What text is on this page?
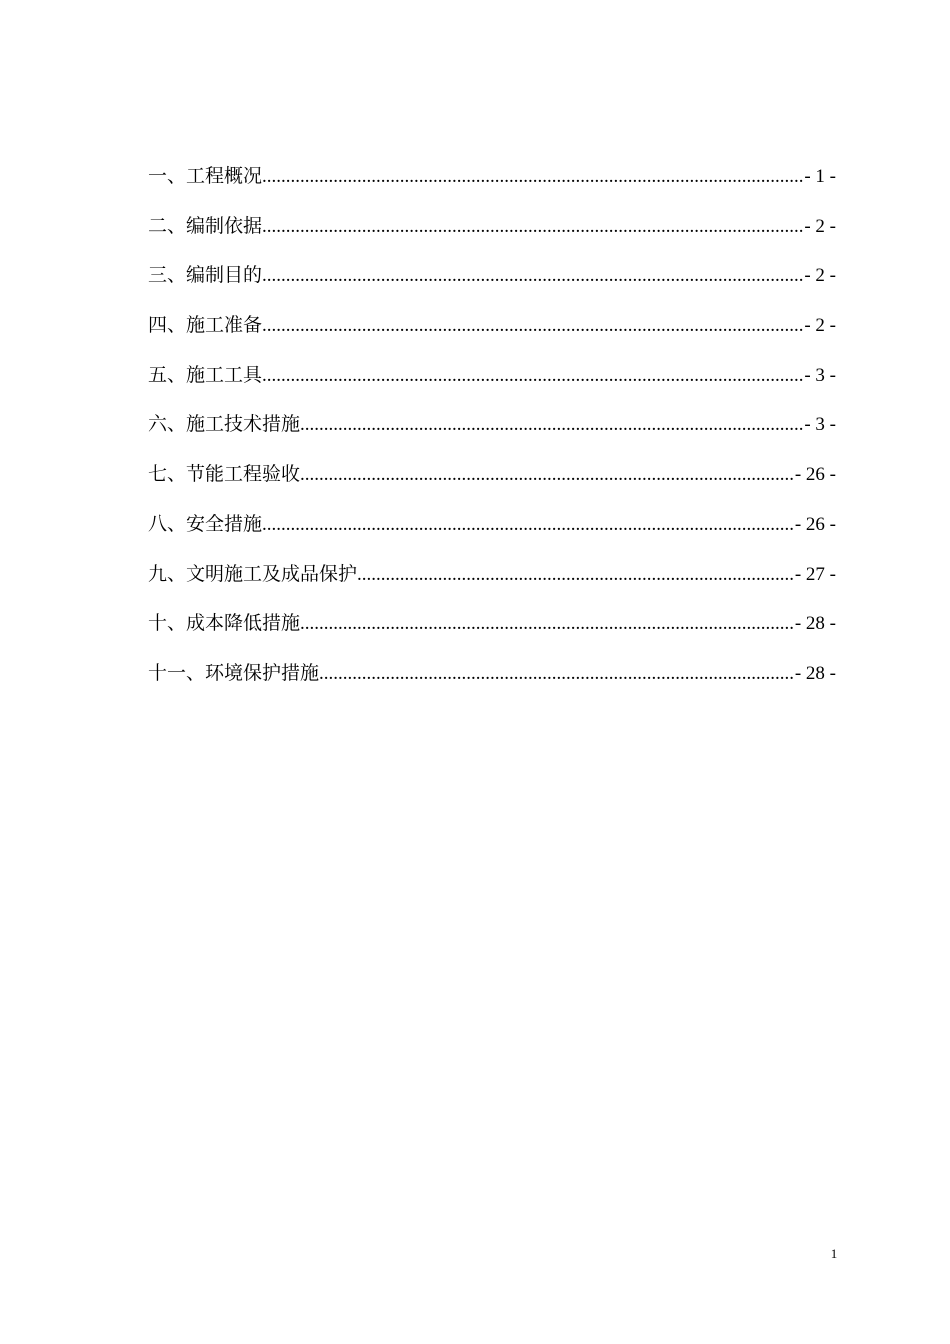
一、工程概况 .....	- 1 -
二、编制依据 .....	- 2 -
三、编制目的 .....	- 2 -
四、施工准备 .....	- 2 -
五、施工工具 .....	- 3 -
六、施工技术措施 .....	- 3 -
七、节能工程验收 .....	- 26 -
八、安全措施 .....	- 26 -
九、文明施工及成品保护 .....	- 27 -
十、成本降低措施 .....	- 28 -
十一、环境保护措施 .....	- 28 -
1
